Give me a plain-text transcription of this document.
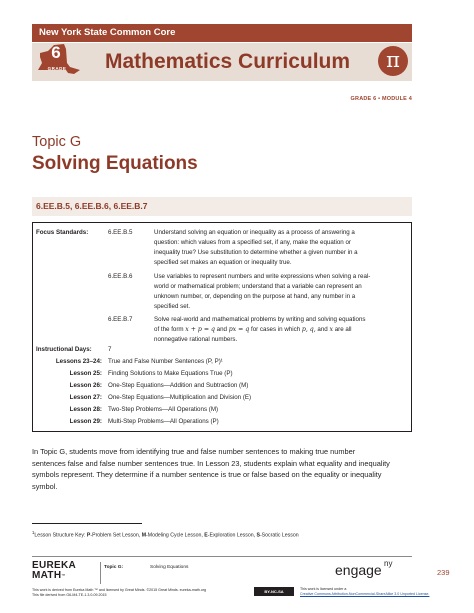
New York State Common Core
6
GRADE	Mathematics Curriculum	π
GRADE 6 • MODULE 4
Topic G
Solving Equations
6.EE.B.5, 6.EE.B.6, 6.EE.B.7
Focus Standards:	6.EE.B.5	Understand solving an equation or inequality as a process of answering a
question: which values from a specified set, if any, make the equation or
inequality true? Use substitution to determine whether a given number in a
specified set makes an equation or inequality true.
6.EE.B.6	Use variables to represent numbers and write expressions when solving a real-
world or mathematical problem; understand that a variable can represent an
unknown number, or, depending on the purpose at hand, any number in a
specified set.
6.EE.B.7	Solve real-world and mathematical problems by writing and solving equations
of the form x + p = q and px = q for cases in which p, q, and x are all
nonnegative rational numbers.
Instructional Days:	7
Lessons 23–24: True and False Number Sentences (P, P)¹
Lesson 25: Finding Solutions to Make Equations True (P)
Lesson 26: One-Step Equations—Addition and Subtraction (M)
Lesson 27: One-Step Equations—Multiplication and Division (E)
Lesson 28: Two-Step Problems—All Operations (M)
Lesson 29: Multi-Step Problems—All Operations (P)
In Topic G, students move from identifying true and false number sentences to making true number
sentences false and false number sentences true. In Lesson 23, students explain what equality and inequality
symbols represent. They determine if a number sentence is true or false based on the equality or inequality
symbol.
$^1$Lesson Structure Key: P-Problem Set Lesson, M-Modeling Cycle Lesson, E-Exploration Lesson, S-Socratic Lesson
EUREKA
MATH™
Topic G:	Solving Equations	engage ny
239
This work is derived from Eureka Math ™ and licensed by Great Minds. ©2015 Great Minds. eureka-math.org
This file derived from G6-M4-TE-1.3.0-09.2015
BY-NC-SA	This work is licensed under a
Creative Commons Attribution-NonCommercial-ShareAlike 3.0 Unported License.
